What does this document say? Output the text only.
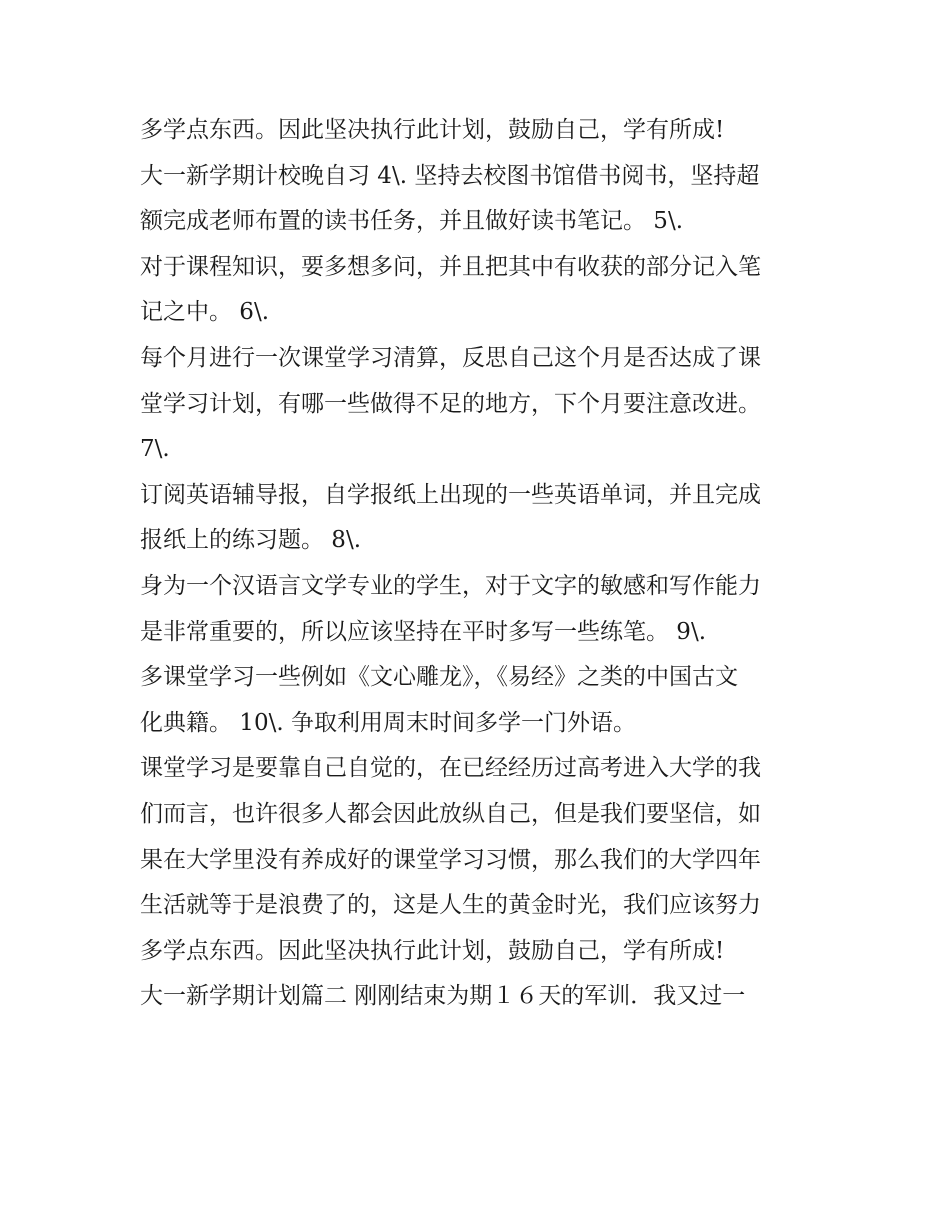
多学点东西。因此坚决执行此计划，鼓励自己，学有所成!
大一新学期计校晚自习 4\. 坚持去校图书馆借书阅书，坚持超
额完成老师布置的读书任务，并且做好读书笔记。 5\.
对于课程知识，要多想多问，并且把其中有收获的部分记入笔
记之中。 6\.
每个月进行一次课堂学习清算，反思自己这个月是否达成了课
堂学习计划，有哪一些做得不足的地方，下个月要注意改进。
7\.
订阅英语辅导报，自学报纸上出现的一些英语单词，并且完成
报纸上的练习题。 8\.
身为一个汉语言文学专业的学生，对于文字的敏感和写作能力
是非常重要的，所以应该坚持在平时多写一些练笔。 9\.
多课堂学习一些例如《文心雕龙》，《易经》之类的中国古文
化典籍。 10\. 争取利用周末时间多学一门外语。
课堂学习是要靠自己自觉的，在已经经历过高考进入大学的我
们而言，也许很多人都会因此放纵自己，但是我们要坚信，如
果在大学里没有养成好的课堂学习习惯，那么我们的大学四年
生活就等于是浪费了的，这是人生的黄金时光，我们应该努力
多学点东西。因此坚决执行此计划，鼓励自己，学有所成!
大一新学期计划篇二 刚刚结束为期１６天的军训．我又过一
